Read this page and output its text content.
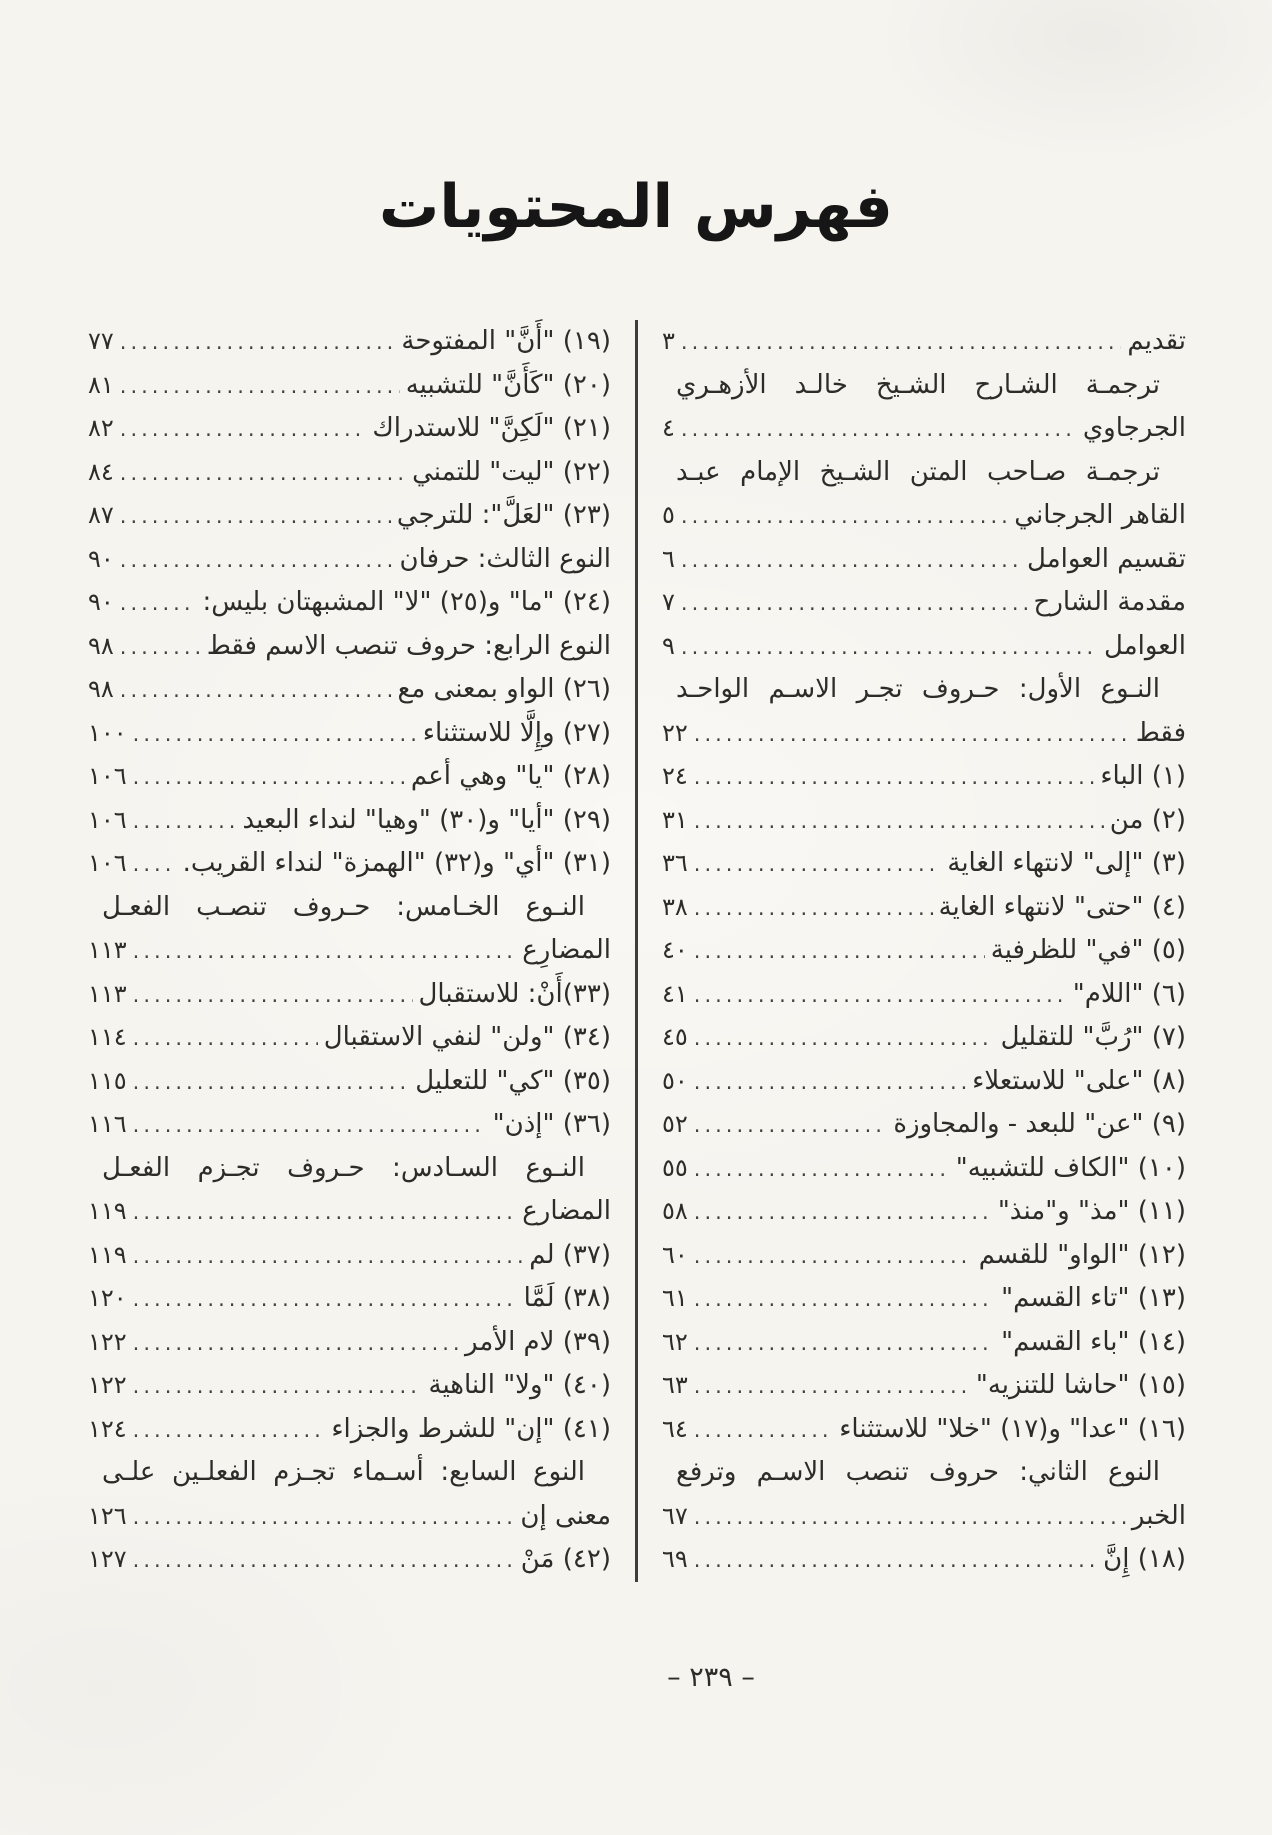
فهرس المحتويات
تقديم
.....
٣
ترجمـة الشـارح الشـيخ خالـد الأزهـري
الجرجاوي
.....
٤
ترجمـة صـاحب المتن الشـيخ الإمام عبـد
القاهر الجرجاني
.....
٥
تقسيم العوامل
.....
٦
مقدمة الشارح
.....
٧
العوامل
.....
٩
النـوع الأول: حـروف تجـر الاسـم الواحـد
فقط
.....
٢٢
(١) الباء
.....
٢٤
(٢) من
.....
٣١
(٣) "إلى" لانتهاء الغاية
.....
٣٦
(٤) "حتى" لانتهاء الغاية
.....
٣٨
(٥) "في" للظرفية
.....
٤٠
(٦) "اللام"
.....
٤١
(٧) "رُبَّ" للتقليل
.....
٤٥
(٨) "على" للاستعلاء
.....
٥٠
(٩) "عن" للبعد - والمجاوزة
.....
٥٢
(١٠) "الكاف للتشبيه"
.....
٥٥
(١١) "مذ" و"منذ"
.....
٥٨
(١٢) "الواو" للقسم
.....
٦٠
(١٣) "تاء القسم"
.....
٦١
(١٤) "باء القسم"
.....
٦٢
(١٥) "حاشا للتنزيه"
.....
٦٣
(١٦) "عدا" و(١٧) "خلا" للاستثناء
.....
٦٤
النوع الثاني: حروف تنصب الاسـم وترفع
الخبر
.....
٦٧
(١٨) إِنَّ
.....
٦٩
(١٩) "أَنَّ" المفتوحة
.....
٧٧
(٢٠) "كَأَنَّ" للتشبيه
.....
٨١
(٢١) "لَكِنَّ" للاستدراك
.....
٨٢
(٢٢) "ليت" للتمني
.....
٨٤
(٢٣) "لعَلَّ": للترجي
.....
٨٧
النوع الثالث: حرفان
.....
٩٠
(٢٤) "ما" و(٢٥) "لا" المشبهتان بليس:
.....
٩٠
النوع الرابع: حروف تنصب الاسم فقط
.....
٩٨
(٢٦) الواو بمعنى مع
.....
٩٨
(٢٧) وإِلَّا للاستثناء
.....
١٠٠
(٢٨) "يا" وهي أعم
.....
١٠٦
(٢٩) "أيا" و(٣٠) "وهيا" لنداء البعيد
.....
١٠٦
(٣١) "أي" و(٣٢) "الهمزة" لنداء القريب.
.....
١٠٦
النـوع الخـامس: حـروف تنصـب الفعـل
المضارِع
.....
١١٣
(٣٣)أَنْ: للاستقبال
.....
١١٣
(٣٤) "ولن" لنفي الاستقبال
.....
١١٤
(٣٥) "كي" للتعليل
.....
١١٥
(٣٦) "إذن"
.....
١١٦
النـوع السـادس: حـروف تجـزم الفعـل
المضارع
.....
١١٩
(٣٧) لم
.....
١١٩
(٣٨) لَمَّا
.....
١٢٠
(٣٩) لام الأمر
.....
١٢٢
(٤٠) "ولا" الناهية
.....
١٢٢
(٤١) "إن" للشرط والجزاء
.....
١٢٤
النوع السابع: أسـماء تجـزم الفعلـين علـى
معنى إن
.....
١٢٦
(٤٢) مَنْ
.....
١٢٧
– ٢٣٩ –
